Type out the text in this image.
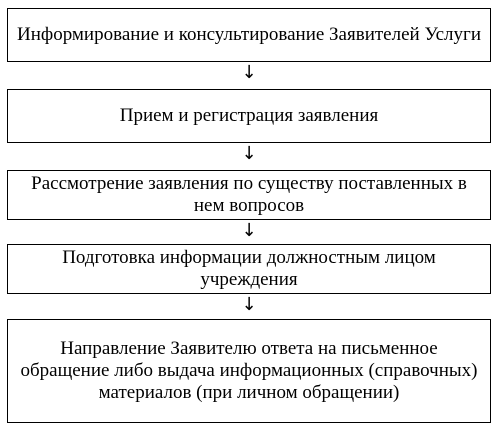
Информирование и консультирование Заявителей Услуги
↓
Прием и регистрация заявления
↓
Рассмотрение заявления по существу поставленных в нем вопросов
↓
Подготовка информации должностным лицом учреждения
↓
Направление Заявителю ответа на письменное обращение либо выдача информационных (справочных) материалов (при личном обращении)
